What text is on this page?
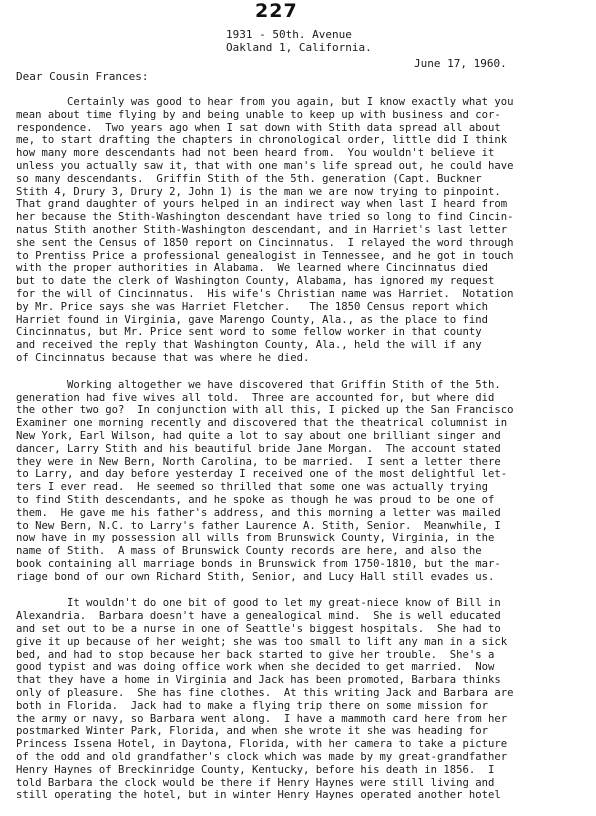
227
1931 - 50th. Avenue
Oakland 1, California.
June 17, 1960.
Dear Cousin Frances:
Certainly was good to hear from you again, but I know exactly what you
mean about time flying by and being unable to keep up with business and cor-
respondence.  Two years ago when I sat down with Stith data spread all about
me, to start drafting the chapters in chronological order, little did I think
how many more descendants had not been heard from.  You wouldn't believe it
unless you actually saw it, that with one man's life spread out, he could have
so many descendants.  Griffin Stith of the 5th. generation (Capt. Buckner
Stith 4, Drury 3, Drury 2, John 1) is the man we are now trying to pinpoint.
That grand daughter of yours helped in an indirect way when last I heard from
her because the Stith-Washington descendant have tried so long to find Cincin-
natus Stith another Stith-Washington descendant, and in Harriet's last letter
she sent the Census of 1850 report on Cincinnatus.  I relayed the word through
to Prentiss Price a professional genealogist in Tennessee, and he got in touch
with the proper authorities in Alabama.  We learned where Cincinnatus died
but to date the clerk of Washington County, Alabama, has ignored my request
for the will of Cincinnatus.  His wife's Christian name was Harriet.  Notation
by Mr. Price says she was Harriet Fletcher.   The 1850 Census report which
Harriet found in Virginia, gave Marengo County, Ala., as the place to find
Cincinnatus, but Mr. Price sent word to some fellow worker in that county
and received the reply that Washington County, Ala., held the will if any
of Cincinnatus because that was where he died.
Working altogether we have discovered that Griffin Stith of the 5th.
generation had five wives all told.  Three are accounted for, but where did
the other two go?  In conjunction with all this, I picked up the San Francisco
Examiner one morning recently and discovered that the theatrical columnist in
New York, Earl Wilson, had quite a lot to say about one brilliant singer and
dancer, Larry Stith and his beautiful bride Jane Morgan.  The account stated
they were in New Bern, North Carolina, to be married.  I sent a letter there
to Larry, and day before yesterday I received one of the most delightful let-
ters I ever read.  He seemed so thrilled that some one was actually trying
to find Stith descendants, and he spoke as though he was proud to be one of
them.  He gave me his father's address, and this morning a letter was mailed
to New Bern, N.C. to Larry's father Laurence A. Stith, Senior.  Meanwhile, I
now have in my possession all wills from Brunswick County, Virginia, in the
name of Stith.  A mass of Brunswick County records are here, and also the
book containing all marriage bonds in Brunswick from 1750-1810, but the mar-
riage bond of our own Richard Stith, Senior, and Lucy Hall still evades us.
It wouldn't do one bit of good to let my great-niece know of Bill in
Alexandria.  Barbara doesn't have a genealogical mind.  She is well educated
and set out to be a nurse in one of Seattle's biggest hospitals.  She had to
give it up because of her weight; she was too small to lift any man in a sick
bed, and had to stop because her back started to give her trouble.  She's a
good typist and was doing office work when she decided to get married.  Now
that they have a home in Virginia and Jack has been promoted, Barbara thinks
only of pleasure.  She has fine clothes.  At this writing Jack and Barbara are
both in Florida.  Jack had to make a flying trip there on some mission for
the army or navy, so Barbara went along.  I have a mammoth card here from her
postmarked Winter Park, Florida, and when she wrote it she was heading for
Princess Issena Hotel, in Daytona, Florida, with her camera to take a picture
of the odd and old grandfather's clock which was made by my great-grandfather
Henry Haynes of Breckinridge County, Kentucky, before his death in 1856.  I
told Barbara the clock would be there if Henry Haynes were still living and
still operating the hotel, but in winter Henry Haynes operated another hotel
